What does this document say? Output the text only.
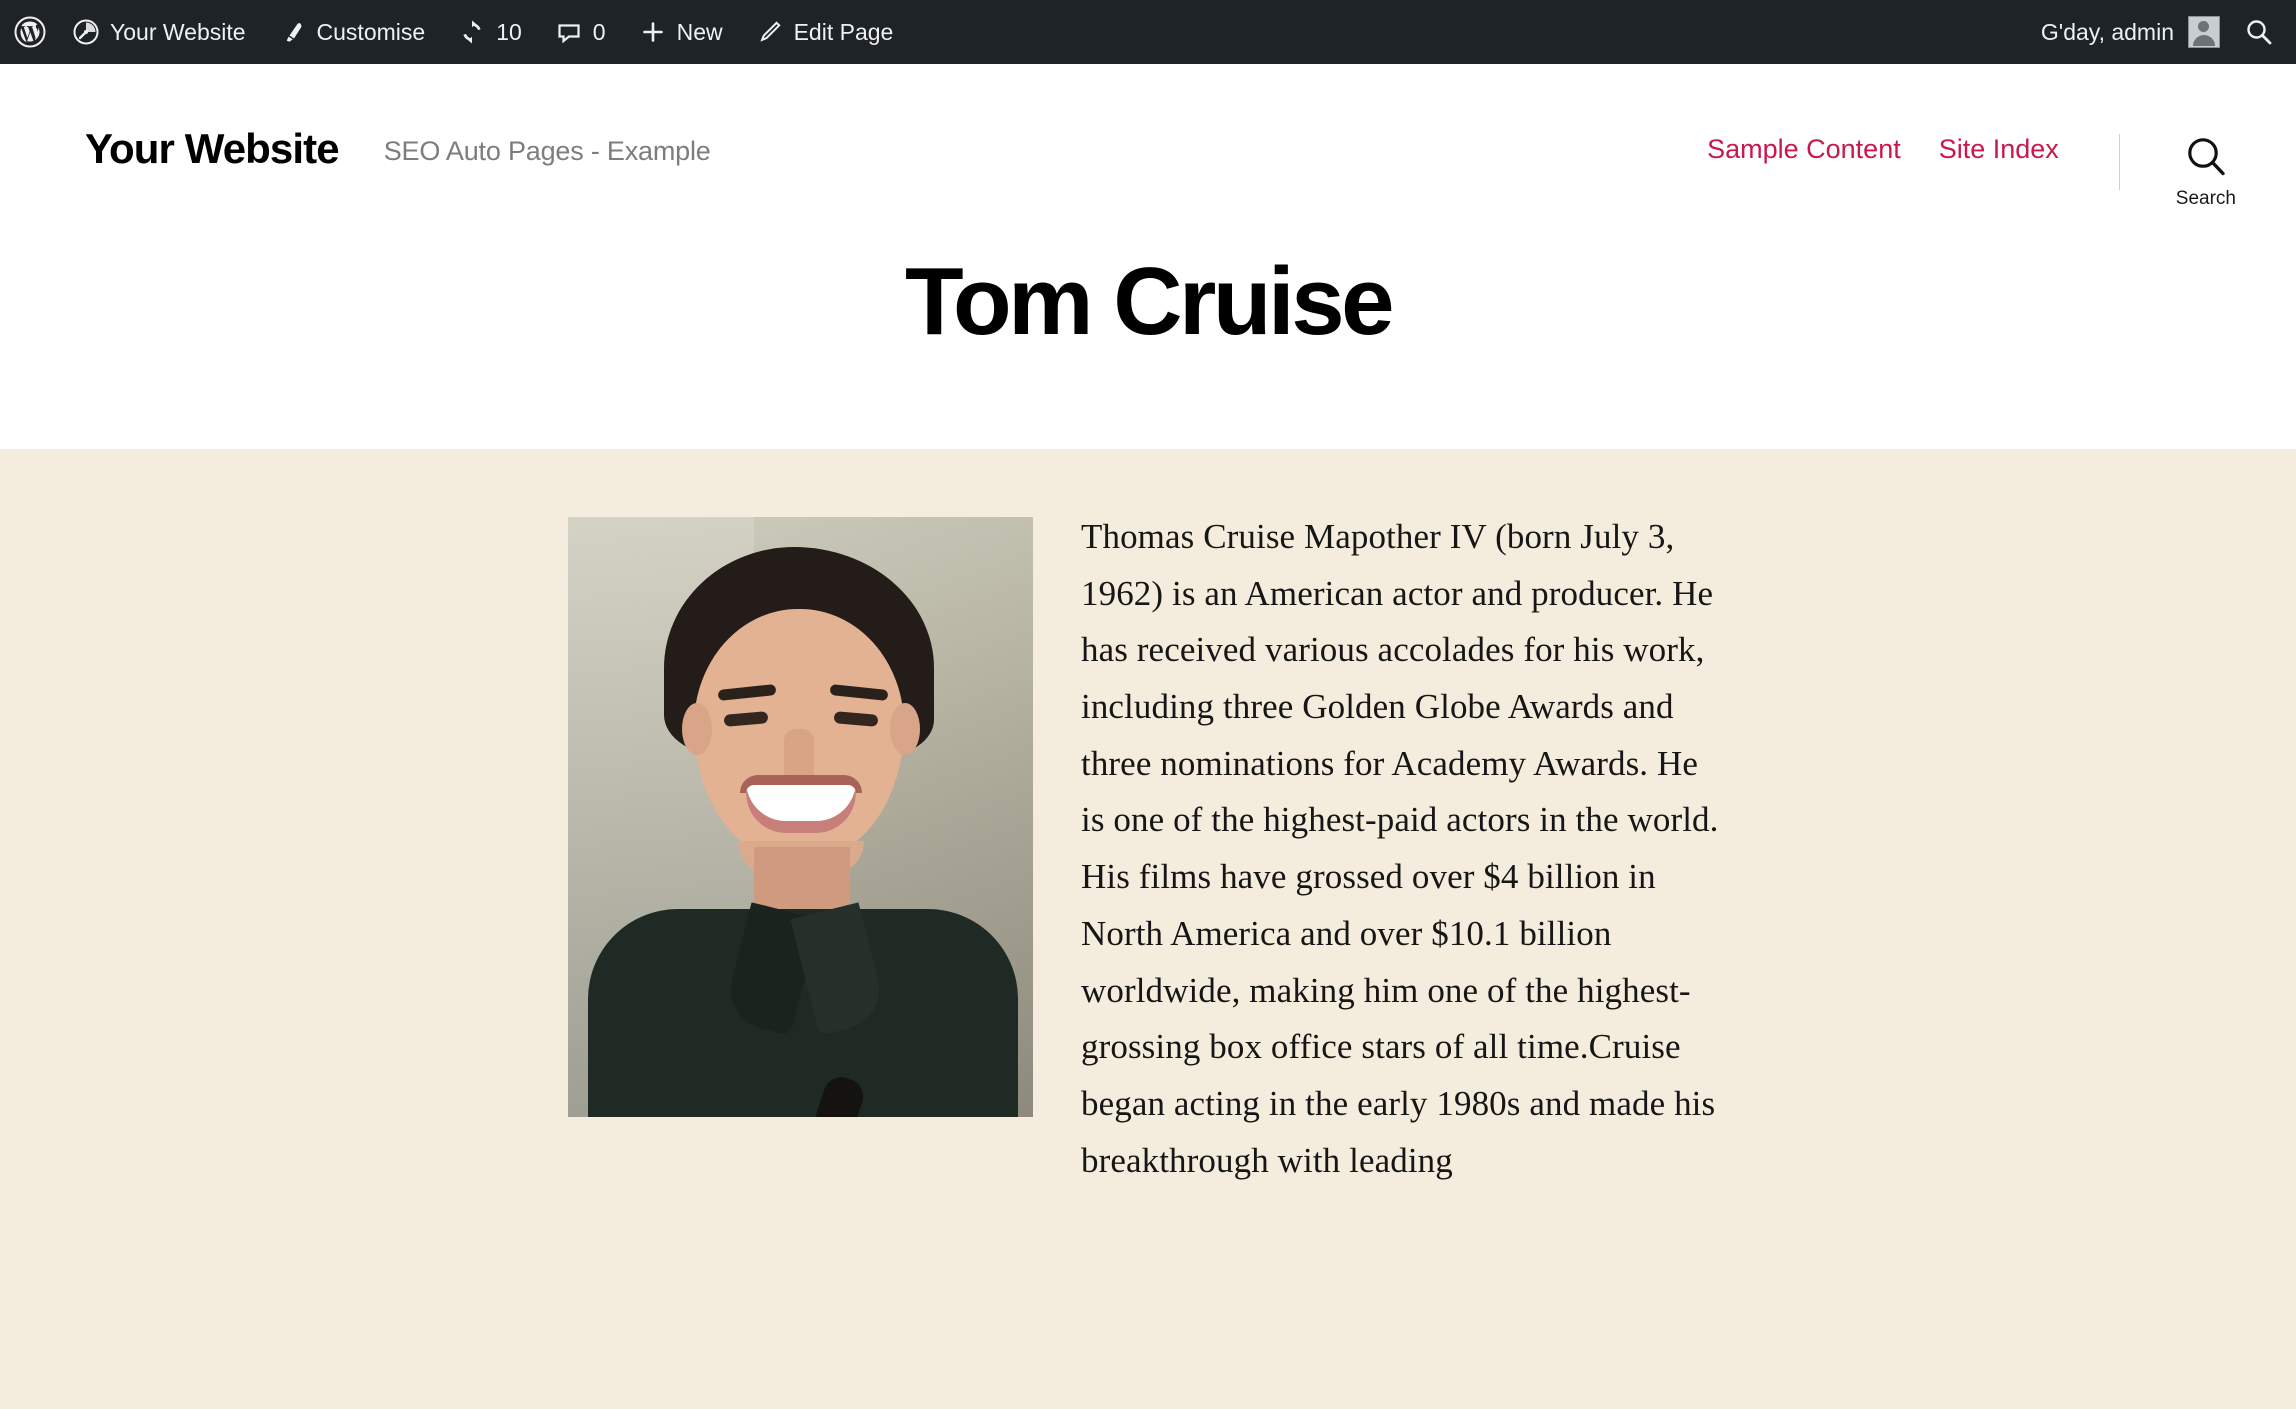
Your Website	Customise	10	0	New	Edit Page	G'day, admin
Your Website SEO Auto Pages - Example	Sample Content Site Index
Search
Tom Cruise

Thomas Cruise Mapother IV (born July 3, 1962) is an American actor and producer. He has received various accolades for his work, including three Golden Globe Awards and three nominations for Academy Awards. He is one of the highest-paid actors in the world. His films have grossed over $4 billion in North America and over $10.1 billion worldwide, making him one of the highest-grossing box office stars of all time.Cruise began acting in the early 1980s and made his breakthrough with leading
